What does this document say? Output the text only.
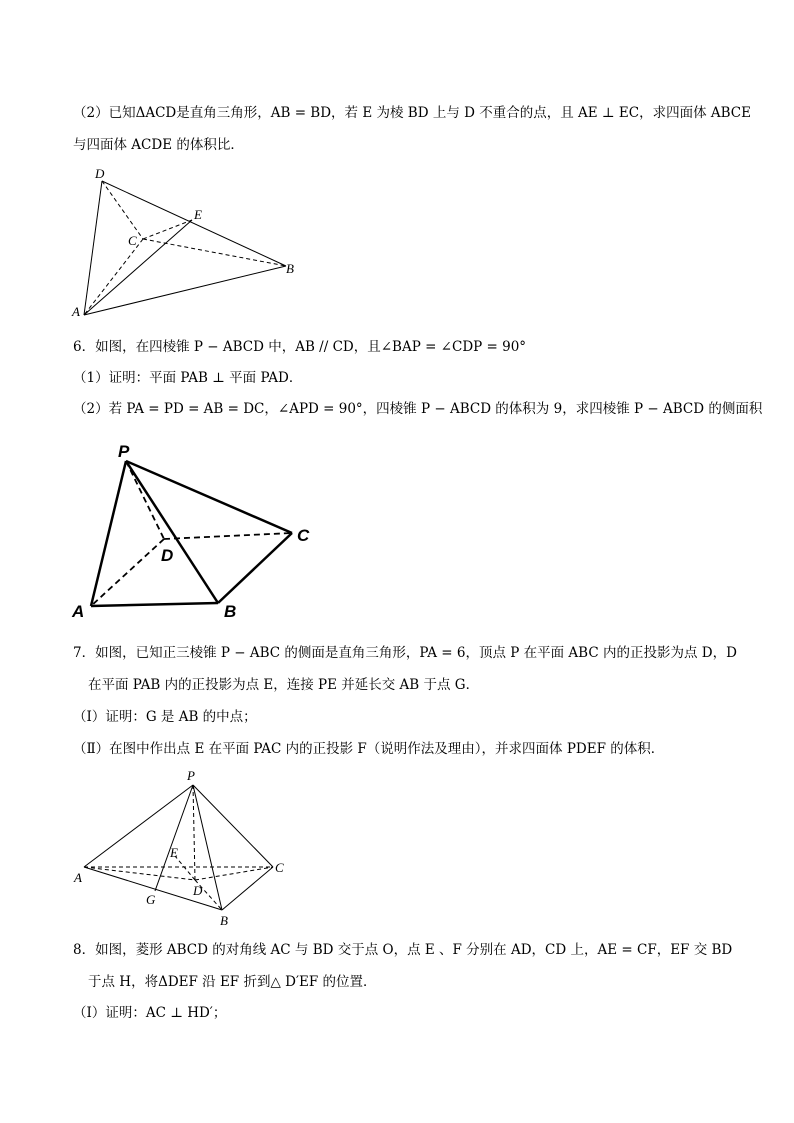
（2）已知ΔACD是直角三角形，AB = BD，若 E 为棱 BD 上与 D 不重合的点，且 AE ⊥ EC，求四面体 ABCE
与四面体 ACDE 的体积比．
D
E
C
B
A
6．如图，在四棱锥 P − ABCD 中，AB // CD，且∠BAP = ∠CDP = 90°
（1）证明：平面 PAB ⊥ 平面 PAD．
（2）若 PA = PD = AB = DC，∠APD = 90°，四棱锥 P − ABCD 的体积为 9，求四棱锥 P − ABCD 的侧面积
P
C
D
A	B
7．如图，已知正三棱锥 P − ABC 的侧面是直角三角形，PA = 6，顶点 P 在平面 ABC 内的正投影为点 D，D
在平面 PAB 内的正投影为点 E，连接 PE 并延长交 AB 于点 G．
（Ⅰ）证明：G 是 AB 的中点；
（Ⅱ）在图中作出点 E 在平面 PAC 内的正投影 F（说明作法及理由），并求四面体 PDEF 的体积．
P
E
A
C
D
G
B
8．如图，菱形 ABCD 的对角线 AC 与 BD 交于点 O，点 E 、F 分别在 AD，CD 上，AE = CF，EF 交 BD
于点 H，将ΔDEF 沿 EF 折到△ D′EF 的位置．
（Ⅰ）证明：AC ⊥ HD′；
